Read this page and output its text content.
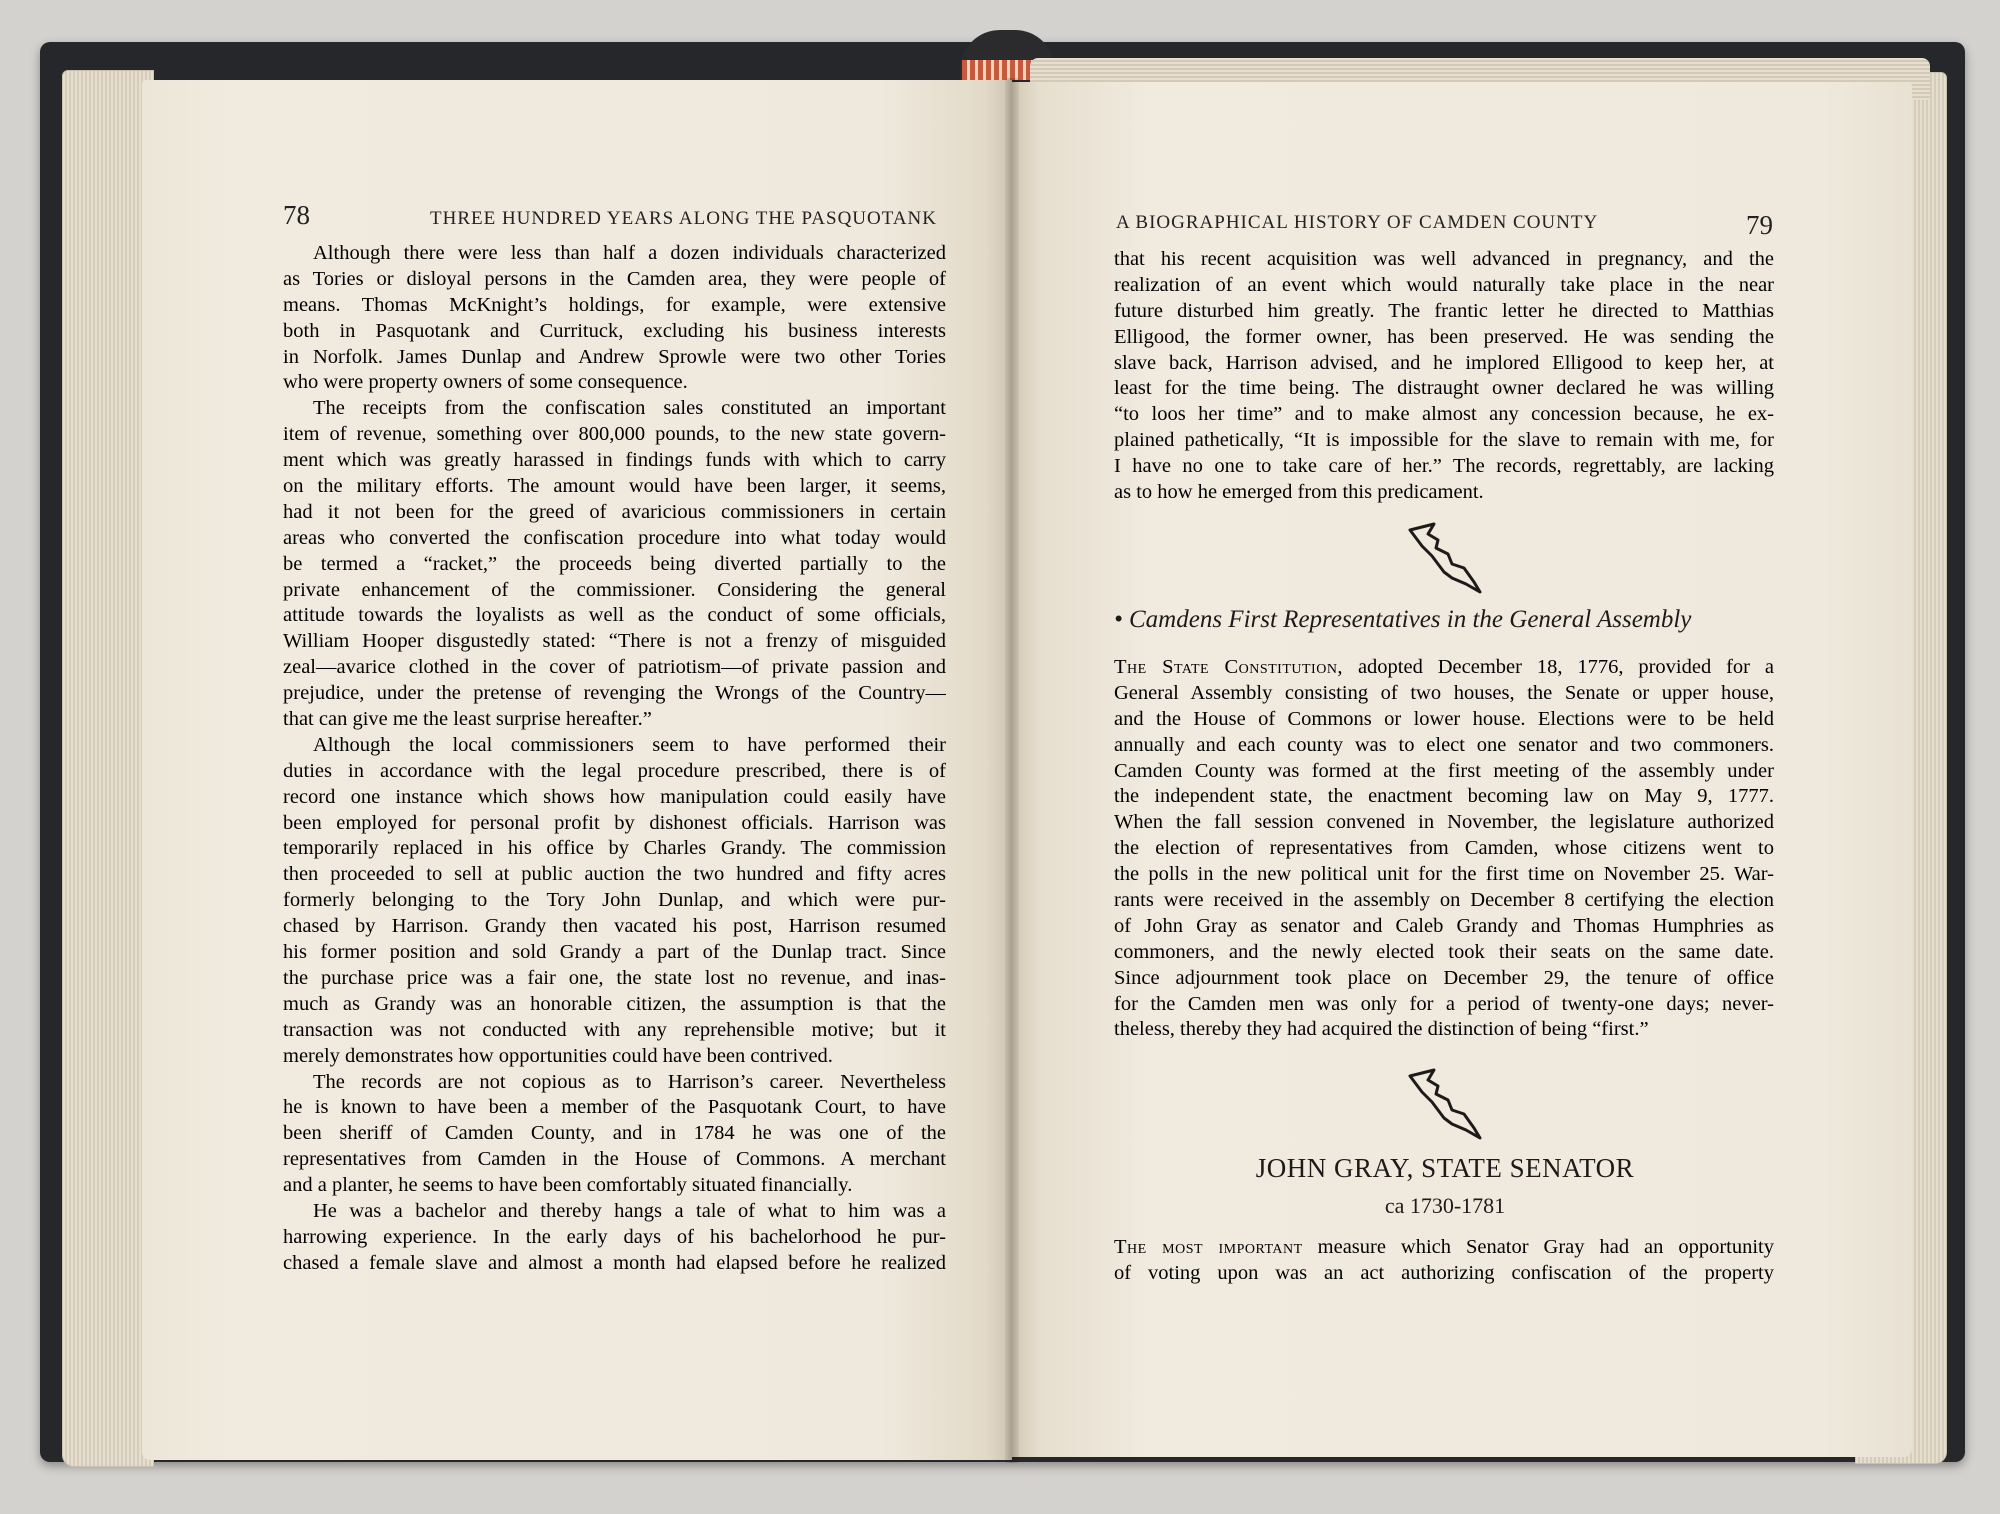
78	THREE HUNDRED YEARS ALONG THE PASQUOTANK
Although there were less than half a dozen individuals characterized
as Tories or disloyal persons in the Camden area, they were people of
means. Thomas McKnight’s holdings, for example, were extensive
both in Pasquotank and Currituck, excluding his business interests
in Norfolk. James Dunlap and Andrew Sprowle were two other Tories
who were property owners of some consequence.
The receipts from the confiscation sales constituted an important
item of revenue, something over 800,000 pounds, to the new state govern-
ment which was greatly harassed in findings funds with which to carry
on the military efforts. The amount would have been larger, it seems,
had it not been for the greed of avaricious commissioners in certain
areas who converted the confiscation procedure into what today would
be termed a “racket,” the proceeds being diverted partially to the
private enhancement of the commissioner. Considering the general
attitude towards the loyalists as well as the conduct of some officials,
William Hooper disgustedly stated: “There is not a frenzy of misguided
zeal—avarice clothed in the cover of patriotism—of private passion and
prejudice, under the pretense of revenging the Wrongs of the Country—
that can give me the least surprise hereafter.”
Although the local commissioners seem to have performed their
duties in accordance with the legal procedure prescribed, there is of
record one instance which shows how manipulation could easily have
been employed for personal profit by dishonest officials. Harrison was
temporarily replaced in his office by Charles Grandy. The commission
then proceeded to sell at public auction the two hundred and fifty acres
formerly belonging to the Tory John Dunlap, and which were pur-
chased by Harrison. Grandy then vacated his post, Harrison resumed
his former position and sold Grandy a part of the Dunlap tract. Since
the purchase price was a fair one, the state lost no revenue, and inas-
much as Grandy was an honorable citizen, the assumption is that the
transaction was not conducted with any reprehensible motive; but it
merely demonstrates how opportunities could have been contrived.
The records are not copious as to Harrison’s career. Nevertheless
he is known to have been a member of the Pasquotank Court, to have
been sheriff of Camden County, and in 1784 he was one of the
representatives from Camden in the House of Commons. A merchant
and a planter, he seems to have been comfortably situated financially.
He was a bachelor and thereby hangs a tale of what to him was a
harrowing experience. In the early days of his bachelorhood he pur-
chased a female slave and almost a month had elapsed before he realized
A BIOGRAPHICAL HISTORY OF CAMDEN COUNTY	79
that his recent acquisition was well advanced in pregnancy, and the
realization of an event which would naturally take place in the near
future disturbed him greatly. The frantic letter he directed to Matthias
Elligood, the former owner, has been preserved. He was sending the
slave back, Harrison advised, and he implored Elligood to keep her, at
least for the time being. The distraught owner declared he was willing
“to loos her time” and to make almost any concession because, he ex-
plained pathetically, “It is impossible for the slave to remain with me, for
I have no one to take care of her.” The records, regrettably, are lacking
as to how he emerged from this predicament.
• Camdens First Representatives in the General Assembly
The State Constitution, adopted December 18, 1776, provided for a
General Assembly consisting of two houses, the Senate or upper house,
and the House of Commons or lower house. Elections were to be held
annually and each county was to elect one senator and two commoners.
Camden County was formed at the first meeting of the assembly under
the independent state, the enactment becoming law on May 9, 1777.
When the fall session convened in November, the legislature authorized
the election of representatives from Camden, whose citizens went to
the polls in the new political unit for the first time on November 25. War-
rants were received in the assembly on December 8 certifying the election
of John Gray as senator and Caleb Grandy and Thomas Humphries as
commoners, and the newly elected took their seats on the same date.
Since adjournment took place on December 29, the tenure of office
for the Camden men was only for a period of twenty-one days; never-
theless, thereby they had acquired the distinction of being “first.”
JOHN GRAY, STATE SENATOR
ca 1730-1781
The most important measure which Senator Gray had an opportunity
of voting upon was an act authorizing confiscation of the property
